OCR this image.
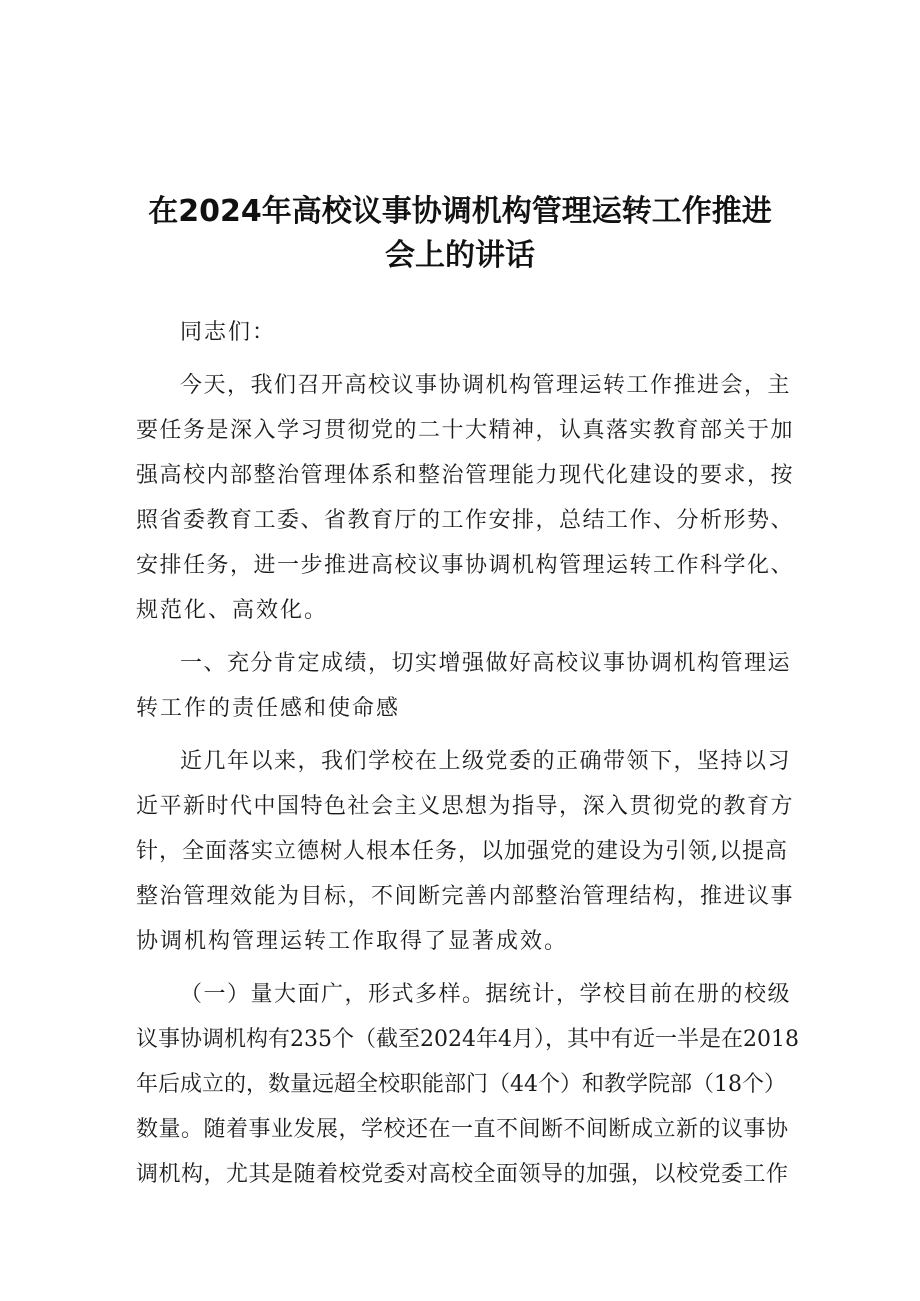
在2024年高校议事协调机构管理运转工作推进
会上的讲话
同志们：
今天，我们召开高校议事协调机构管理运转工作推进会，主
要任务是深入学习贯彻党的二十大精神，认真落实教育部关于加
强高校内部整治管理体系和整治管理能力现代化建设的要求，按
照省委教育工委、省教育厅的工作安排，总结工作、分析形势、
安排任务，进一步推进高校议事协调机构管理运转工作科学化、
规范化、高效化。
一、充分肯定成绩，切实增强做好高校议事协调机构管理运
转工作的责任感和使命感
近几年以来，我们学校在上级党委的正确带领下，坚持以习
近平新时代中国特色社会主义思想为指导，深入贯彻党的教育方
针，全面落实立德树人根本任务，以加强党的建设为引领,以提高
整治管理效能为目标，不间断完善内部整治管理结构，推进议事
协调机构管理运转工作取得了显著成效。
（一）量大面广，形式多样。据统计，学校目前在册的校级
议事协调机构有235个（截至2024年4月），其中有近一半是在2018
年后成立的，数量远超全校职能部门（44个）和教学院部（18个）
数量。随着事业发展，学校还在一直不间断不间断成立新的议事协
调机构，尤其是随着校党委对高校全面领导的加强，以校党委工作
